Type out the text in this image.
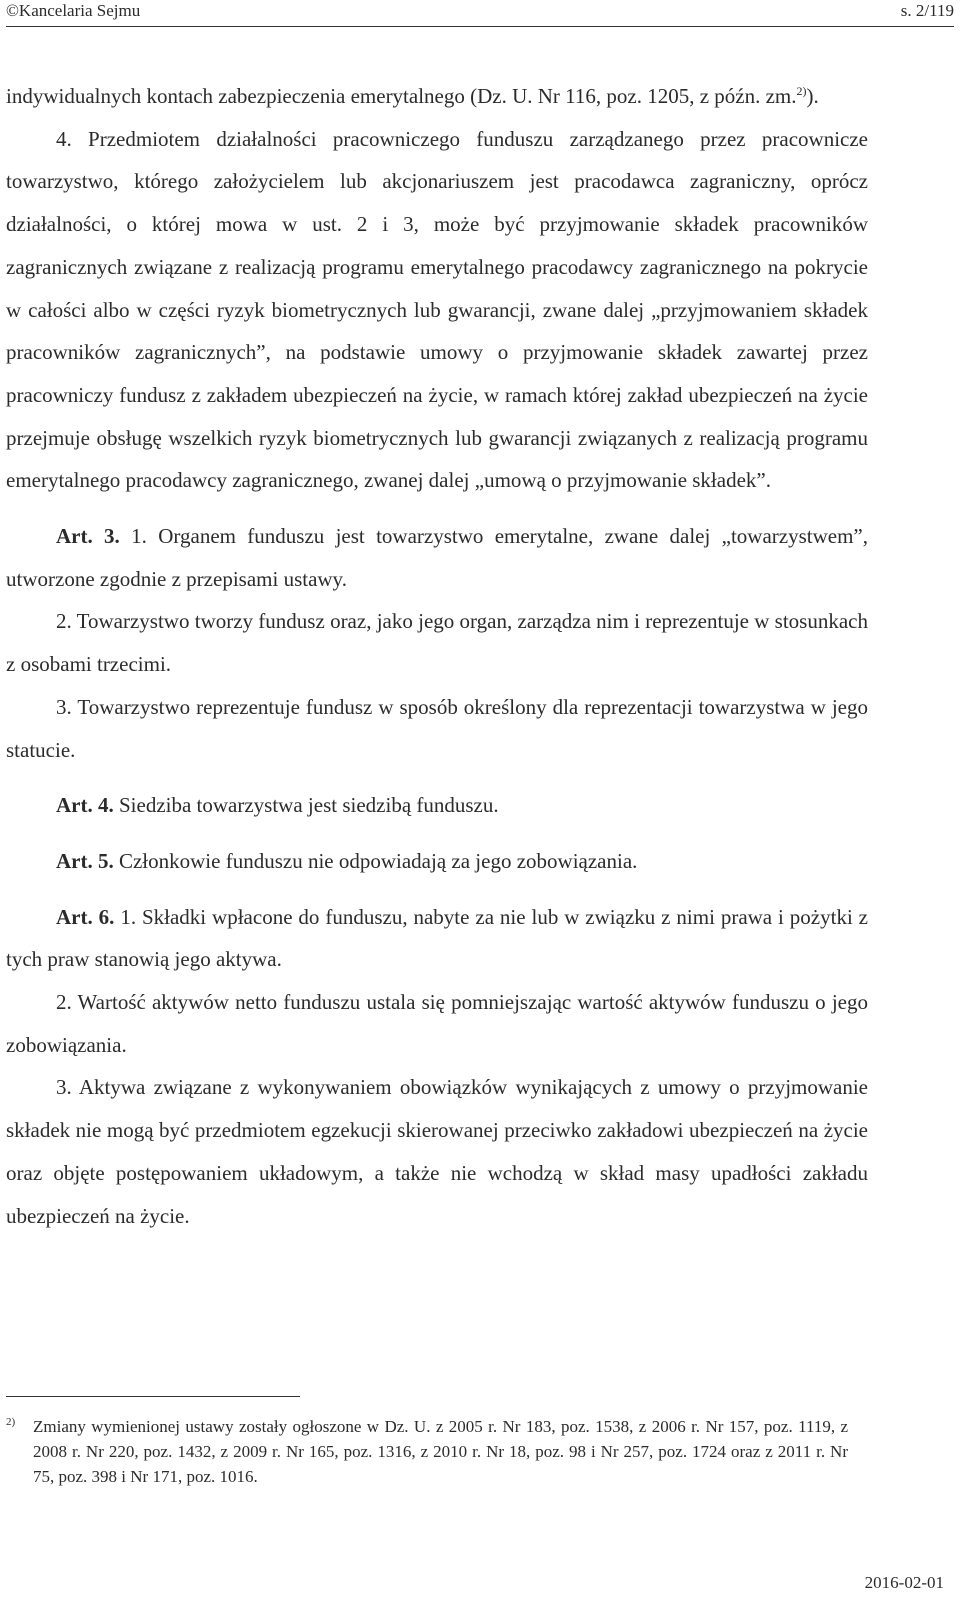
©Kancelaria Sejmu	s. 2/119

indywidualnych kontach zabezpieczenia emerytalnego (Dz. U. Nr 116, poz. 1205, z późn. zm.$^{2)}$).

4. Przedmiotem działalności pracowniczego funduszu zarządzanego przez pracownicze towarzystwo, którego założycielem lub akcjonariuszem jest pracodawca zagraniczny, oprócz działalności, o której mowa w ust. 2 i 3, może być przyjmowanie składek pracowników zagranicznych związane z realizacją programu emerytalnego pracodawcy zagranicznego na pokrycie w całości albo w części ryzyk biometrycznych lub gwarancji, zwane dalej „przyjmowaniem składek pracowników zagranicznych”, na podstawie umowy o przyjmowanie składek zawartej przez pracowniczy fundusz z zakładem ubezpieczeń na życie, w ramach której zakład ubezpieczeń na życie przejmuje obsługę wszelkich ryzyk biometrycznych lub gwarancji związanych z realizacją programu emerytalnego pracodawcy zagranicznego, zwanej dalej „umową o przyjmowanie składek”.

Art. 3. 1. Organem funduszu jest towarzystwo emerytalne, zwane dalej „towarzystwem”, utworzone zgodnie z przepisami ustawy.

2. Towarzystwo tworzy fundusz oraz, jako jego organ, zarządza nim i reprezentuje w stosunkach z osobami trzecimi.

3. Towarzystwo reprezentuje fundusz w sposób określony dla reprezentacji towarzystwa w jego statucie.

Art. 4. Siedziba towarzystwa jest siedzibą funduszu.

Art. 5. Członkowie funduszu nie odpowiadają za jego zobowiązania.

Art. 6. 1. Składki wpłacone do funduszu, nabyte za nie lub w związku z nimi prawa i pożytki z tych praw stanowią jego aktywa.

2. Wartość aktywów netto funduszu ustala się pomniejszając wartość aktywów funduszu o jego zobowiązania.

3. Aktywa związane z wykonywaniem obowiązków wynikających z umowy o przyjmowanie składek nie mogą być przedmiotem egzekucji skierowanej przeciwko zakładowi ubezpieczeń na życie oraz objęte postępowaniem układowym, a także nie wchodzą w skład masy upadłości zakładu ubezpieczeń na życie.

2) Zmiany wymienionej ustawy zostały ogłoszone w Dz. U. z 2005 r. Nr 183, poz. 1538, z 2006 r. Nr 157, poz. 1119, z 2008 r. Nr 220, poz. 1432, z 2009 r. Nr 165, poz. 1316, z 2010 r. Nr 18, poz. 98 i Nr 257, poz. 1724 oraz z 2011 r. Nr 75, poz. 398 i Nr 171, poz. 1016.

2016-02-01
